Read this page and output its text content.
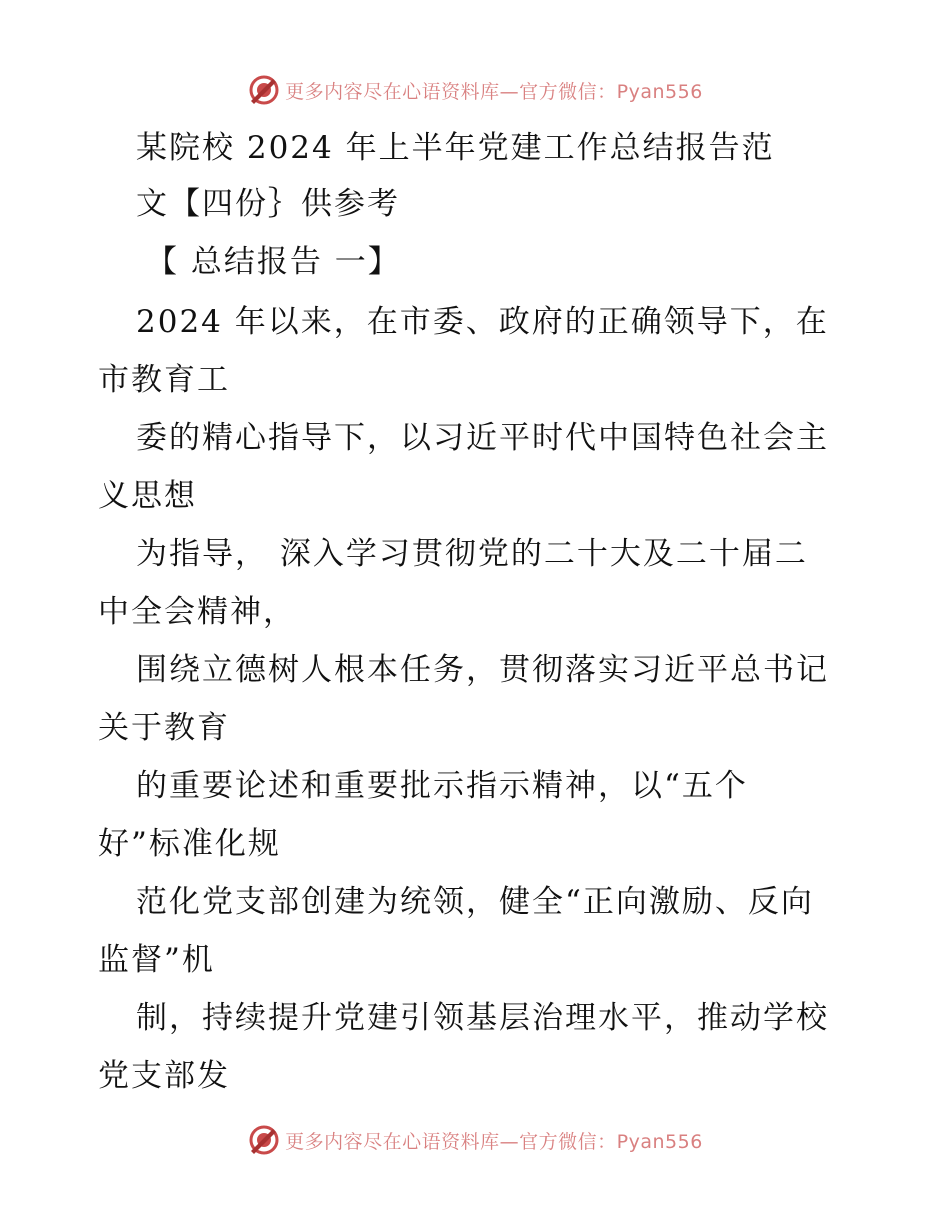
更多内容尽在心语资料库—官方微信：Pyan556
某院校 2024 年上半年党建工作总结报告范
文【四份｝供参考
【 总结报告 一】
2024 年以来，在市委、政府的正确领导下，在
市教育工
委的精心指导下，以习近平时代中国特色社会主
义思想
为指导， 深入学习贯彻党的二十大及二十届二
中全会精神，
围绕立德树人根本任务，贯彻落实习近平总书记
关于教育
的重要论述和重要批示指示精神，以“五个
好”标准化规
范化党支部创建为统领，健全“正向激励、反向
监督”机
制，持续提升党建引领基层治理水平，推动学校
党支部发
更多内容尽在心语资料库—官方微信：Pyan556
